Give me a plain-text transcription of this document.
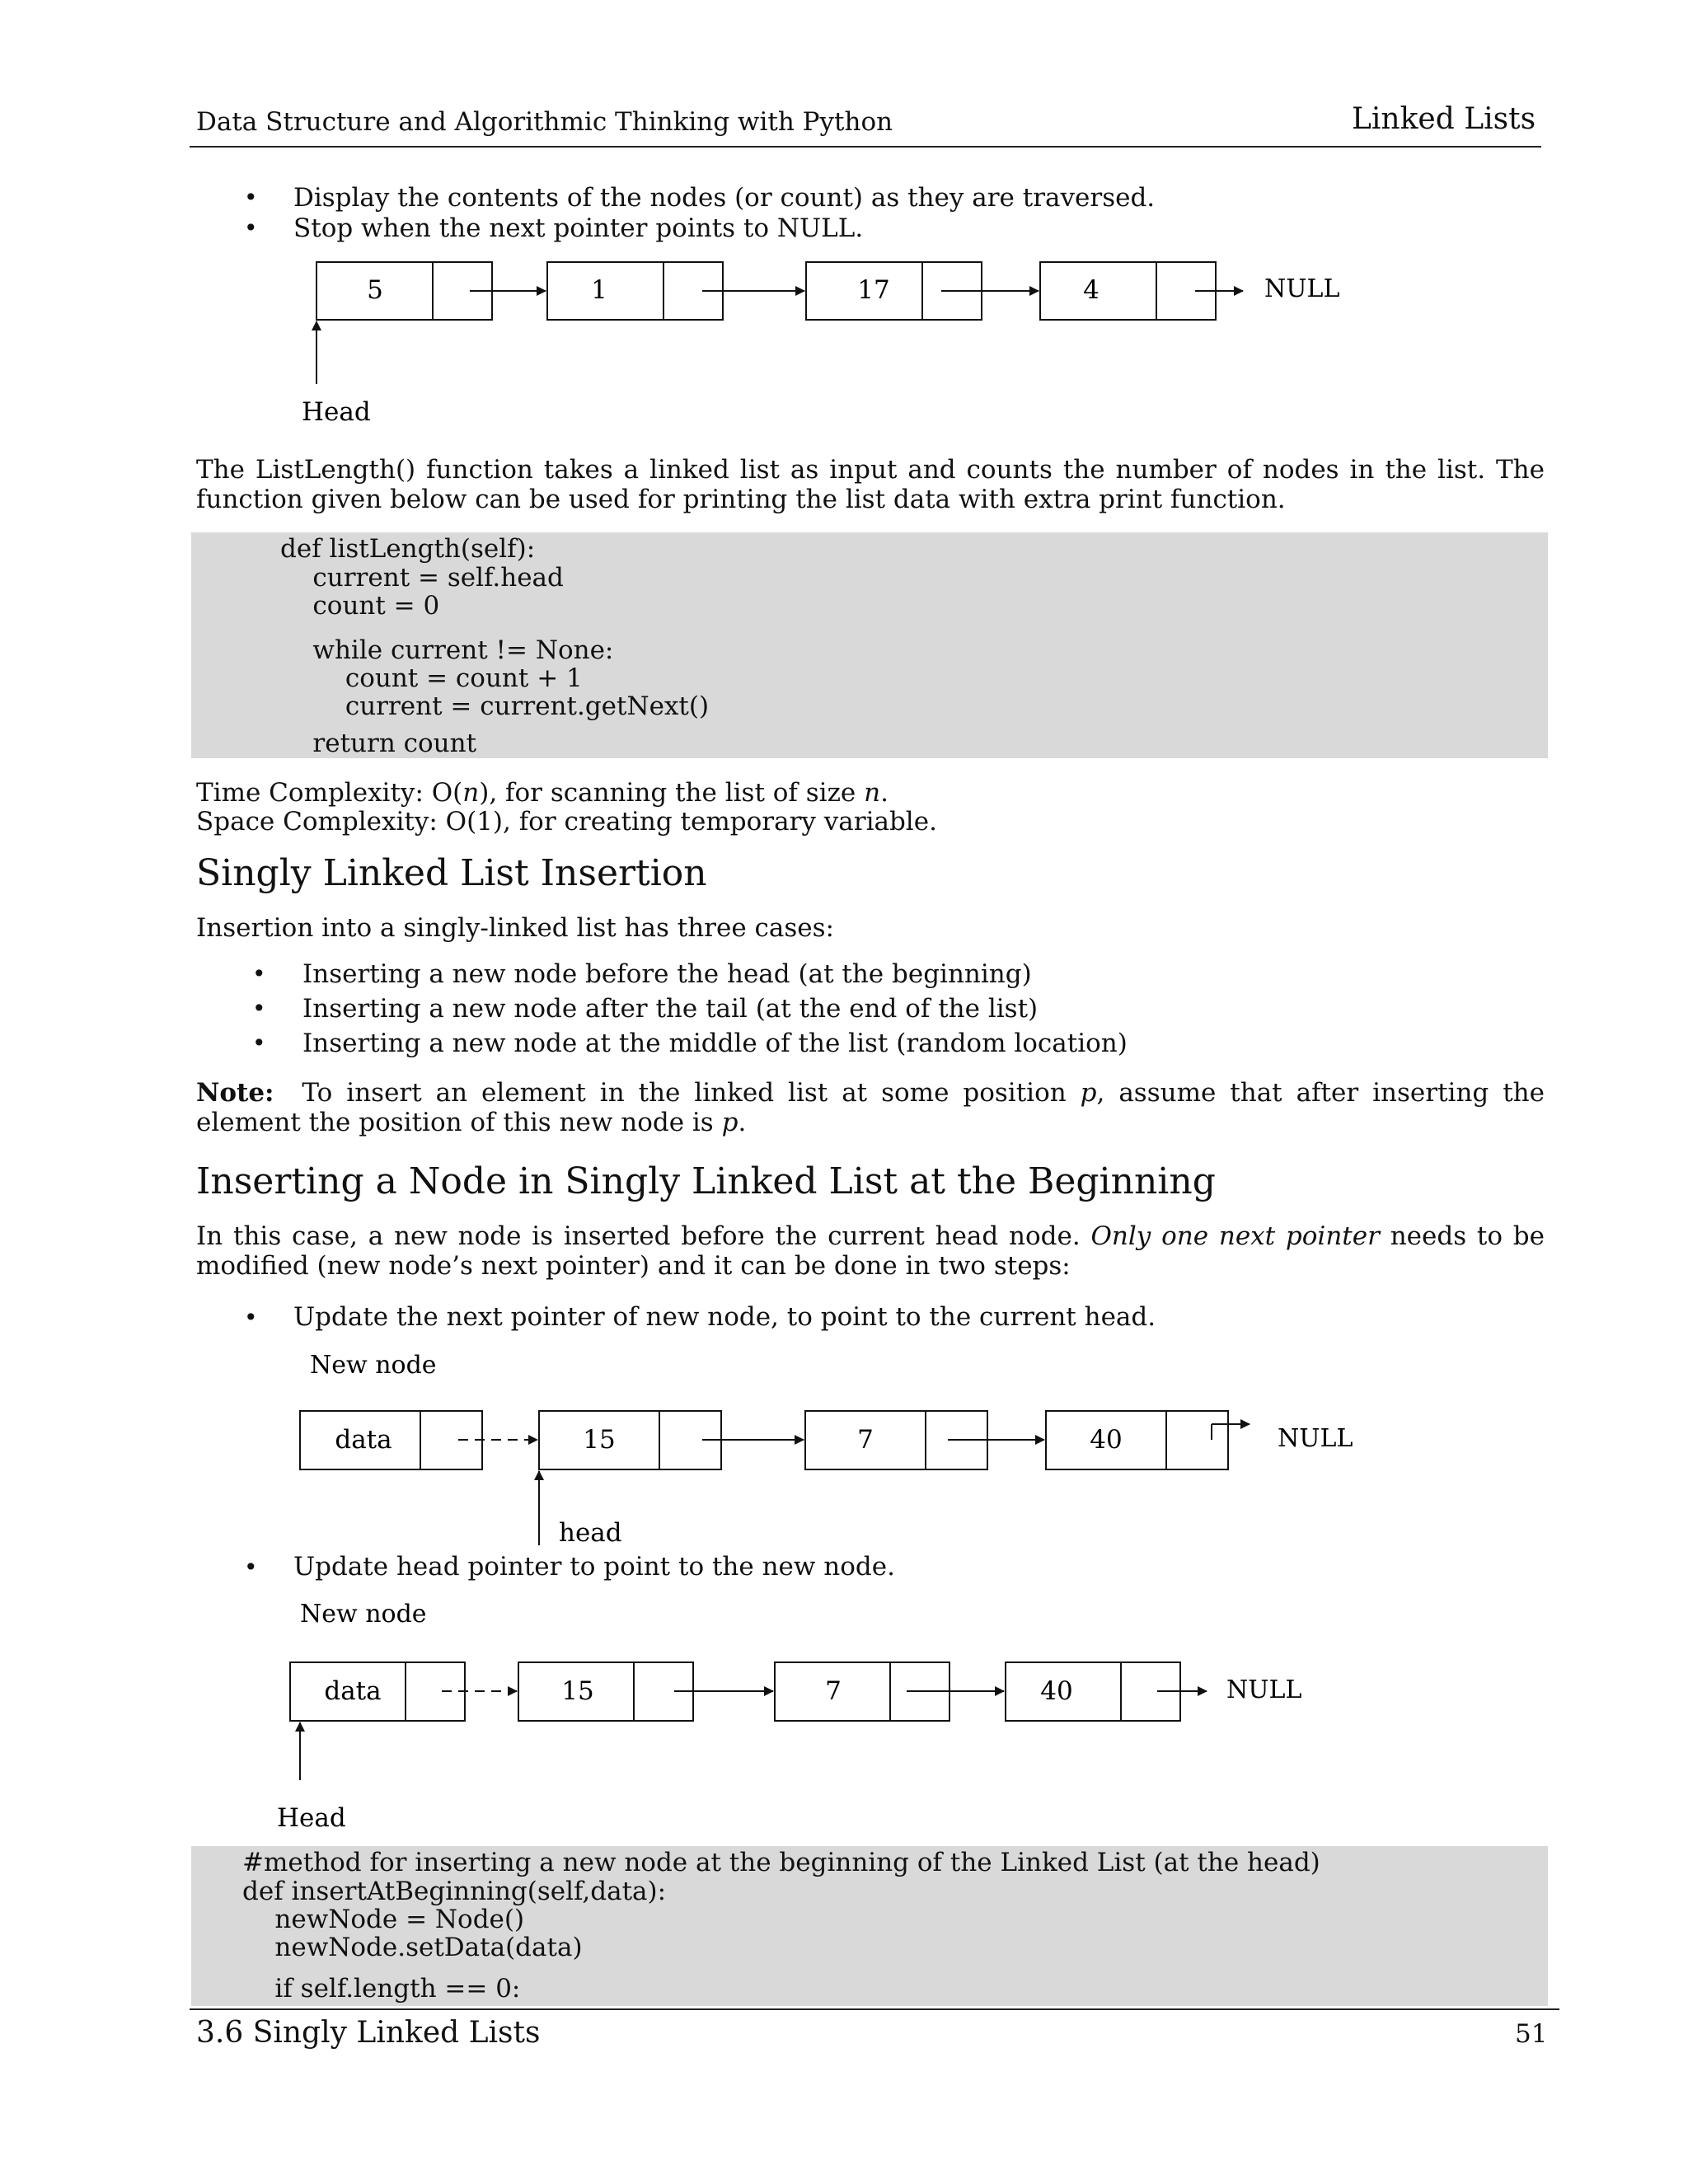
Data Structure and Algorithmic Thinking with Python	Linked Lists
• Display the contents of the nodes (or count) as they are traversed.
• Stop when the next pointer points to NULL.
5	1	17	4	NULL
Head
New node
data	15	7	40	NULL
head
New node
data	15	7	40	NULL
Head
The ListLength() function takes a linked list as input and counts the number of nodes in the list. The function given below can be used for printing the list data with extra print function.
def listLength(self):
current = self.head
count = 0
while current != None:
count = count + 1
current = current.getNext()
return count
Time Complexity: O(n), for scanning the list of size n.
Space Complexity: O(1), for creating temporary variable.
Singly Linked List Insertion
Insertion into a singly-linked list has three cases:
• Inserting a new node before the head (at the beginning)
• Inserting a new node after the tail (at the end of the list)
• Inserting a new node at the middle of the list (random location)
Note: To insert an element in the linked list at some position p, assume that after inserting the element the position of this new node is p.
Inserting a Node in Singly Linked List at the Beginning
In this case, a new node is inserted before the current head node. Only one next pointer needs to be modified (new node’s next pointer) and it can be done in two steps:
• Update the next pointer of new node, to point to the current head.
• Update head pointer to point to the new node.
#method for inserting a new node at the beginning of the Linked List (at the head)
def insertAtBeginning(self,data):
newNode = Node()
newNode.setData(data)
if self.length == 0:
3.6 Singly Linked Lists	51
